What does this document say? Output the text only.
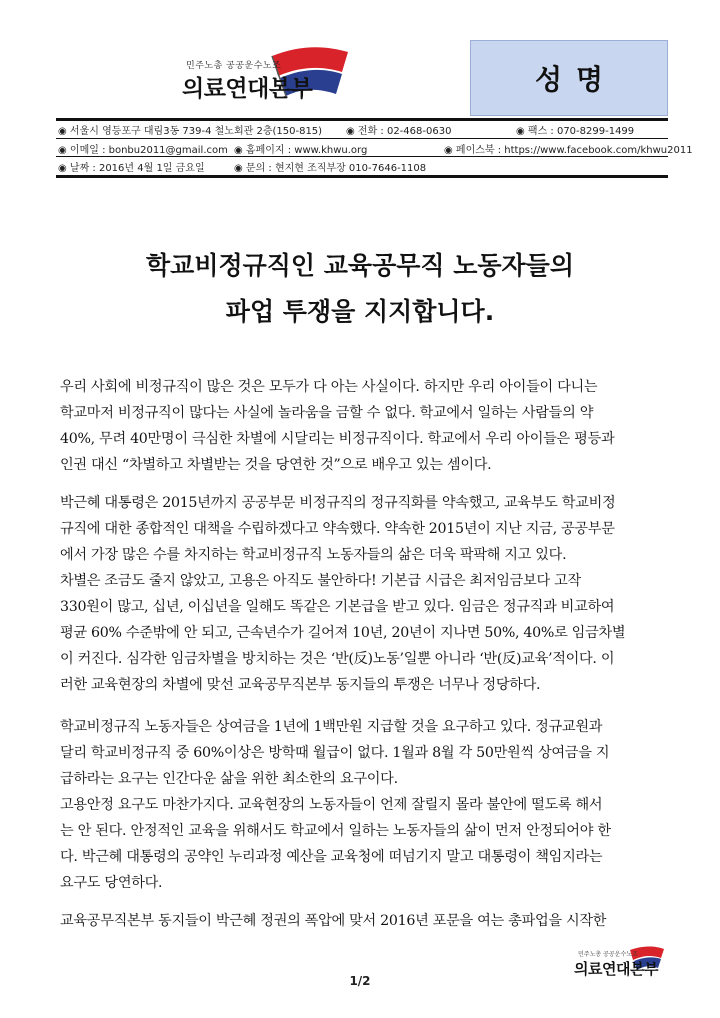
민주노총 공공운수노조
의료연대본부	성명
◉ 서울시 영등포구 대림3동 739-4 철노회관 2층(150-815) ◉ 전화 : 02-468-0630	◉ 팩스 : 070-8299-1499
◉ 이메일 : bonbu2011@gmail.com ◉ 홈페이지 : www.khwu.org	◉ 페이스북 : https://www.facebook.com/khwu2011
◉ 날짜 : 2016년 4월 1일 금요일	◉ 문의 : 현지현 조직부장 010-7646-1108
학교비정규직인 교육공무직 노동자들의
파업 투쟁을 지지합니다.

우리 사회에 비정규직이 많은 것은 모두가 다 아는 사실이다. 하지만 우리 아이들이 다니는
학교마저 비정규직이 많다는 사실에 놀라움을 금할 수 없다. 학교에서 일하는 사람들의 약
40%, 무려 40만명이 극심한 차별에 시달리는 비정규직이다. 학교에서 우리 아이들은 평등과
인권 대신 “차별하고 차별받는 것을 당연한 것”으로 배우고 있는 셈이다.

박근혜 대통령은 2015년까지 공공부문 비정규직의 정규직화를 약속했고, 교육부도 학교비정
규직에 대한 종합적인 대책을 수립하겠다고 약속했다. 약속한 2015년이 지난 지금, 공공부문
에서 가장 많은 수를 차지하는 학교비정규직 노동자들의 삶은 더욱 팍팍해 지고 있다.
차별은 조금도 줄지 않았고, 고용은 아직도 불안하다! 기본급 시급은 최저임금보다 고작
330원이 많고, 십년, 이십년을 일해도 똑같은 기본급을 받고 있다. 임금은 정규직과 비교하여
평균 60% 수준밖에 안 되고, 근속년수가 길어져 10년, 20년이 지나면 50%, 40%로 임금차별
이 커진다. 심각한 임금차별을 방치하는 것은 ‘반(反)노동’일뿐 아니라 ‘반(反)교육’적이다. 이
러한 교육현장의 차별에 맞선 교육공무직본부 동지들의 투쟁은 너무나 정당하다.

학교비정규직 노동자들은 상여금을 1년에 1백만원 지급할 것을 요구하고 있다. 정규교원과
달리 학교비정규직 중 60%이상은 방학때 월급이 없다. 1월과 8월 각 50만원씩 상여금을 지
급하라는 요구는 인간다운 삶을 위한 최소한의 요구이다.
고용안정 요구도 마찬가지다. 교육현장의 노동자들이 언제 잘릴지 몰라 불안에 떨도록 해서
는 안 된다. 안정적인 교육을 위해서도 학교에서 일하는 노동자들의 삶이 먼저 안정되어야 한
다. 박근혜 대통령의 공약인 누리과정 예산을 교육청에 떠넘기지 말고 대통령이 책임지라는
요구도 당연하다.

교육공무직본부 동지들이 박근혜 정권의 폭압에 맞서 2016년 포문을 여는 총파업을 시작한

1/2
민주노총 공공운수노조
의료연대본부
